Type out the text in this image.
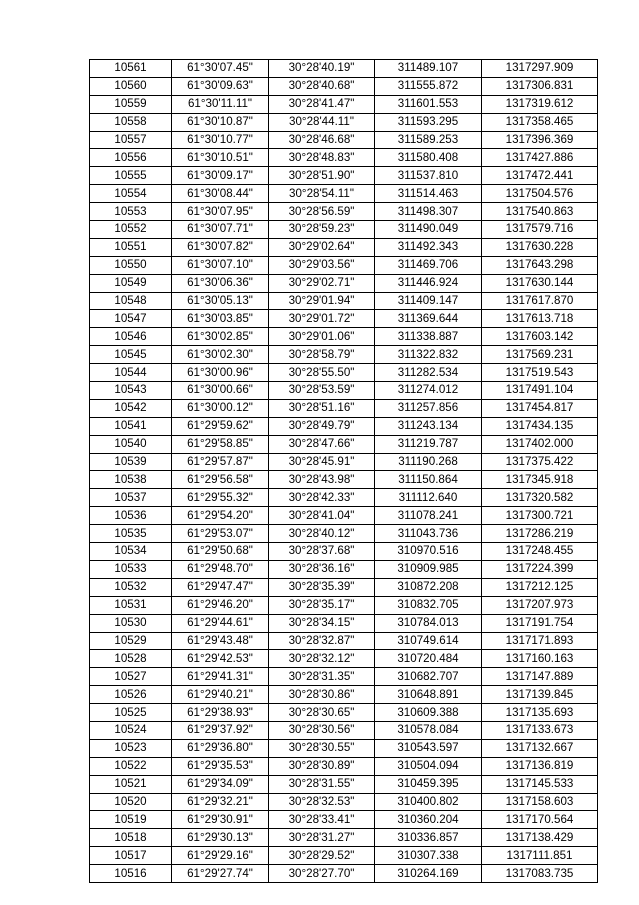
10561	61°30'07.45"	30°28'40.19"	311489.107	1317297.909
10560	61°30'09.63"	30°28'40.68"	311555.872	1317306.831
10559	61°30'11.11"	30°28'41.47"	311601.553	1317319.612
10558	61°30'10.87"	30°28'44.11"	311593.295	1317358.465
10557	61°30'10.77"	30°28'46.68"	311589.253	1317396.369
10556	61°30'10.51"	30°28'48.83"	311580.408	1317427.886
10555	61°30'09.17"	30°28'51.90"	311537.810	1317472.441
10554	61°30'08.44"	30°28'54.11"	311514.463	1317504.576
10553	61°30'07.95"	30°28'56.59"	311498.307	1317540.863
10552	61°30'07.71"	30°28'59.23"	311490.049	1317579.716
10551	61°30'07.82"	30°29'02.64"	311492.343	1317630.228
10550	61°30'07.10"	30°29'03.56"	311469.706	1317643.298
10549	61°30'06.36"	30°29'02.71"	311446.924	1317630.144
10548	61°30'05.13"	30°29'01.94"	311409.147	1317617.870
10547	61°30'03.85"	30°29'01.72"	311369.644	1317613.718
10546	61°30'02.85"	30°29'01.06"	311338.887	1317603.142
10545	61°30'02.30"	30°28'58.79"	311322.832	1317569.231
10544	61°30'00.96"	30°28'55.50"	311282.534	1317519.543
10543	61°30'00.66"	30°28'53.59"	311274.012	1317491.104
10542	61°30'00.12"	30°28'51.16"	311257.856	1317454.817
10541	61°29'59.62"	30°28'49.79"	311243.134	1317434.135
10540	61°29'58.85"	30°28'47.66"	311219.787	1317402.000
10539	61°29'57.87"	30°28'45.91"	311190.268	1317375.422
10538	61°29'56.58"	30°28'43.98"	311150.864	1317345.918
10537	61°29'55.32"	30°28'42.33"	311112.640	1317320.582
10536	61°29'54.20"	30°28'41.04"	311078.241	1317300.721
10535	61°29'53.07"	30°28'40.12"	311043.736	1317286.219
10534	61°29'50.68"	30°28'37.68"	310970.516	1317248.455
10533	61°29'48.70"	30°28'36.16"	310909.985	1317224.399
10532	61°29'47.47"	30°28'35.39"	310872.208	1317212.125
10531	61°29'46.20"	30°28'35.17"	310832.705	1317207.973
10530	61°29'44.61"	30°28'34.15"	310784.013	1317191.754
10529	61°29'43.48"	30°28'32.87"	310749.614	1317171.893
10528	61°29'42.53"	30°28'32.12"	310720.484	1317160.163
10527	61°29'41.31"	30°28'31.35"	310682.707	1317147.889
10526	61°29'40.21"	30°28'30.86"	310648.891	1317139.845
10525	61°29'38.93"	30°28'30.65"	310609.388	1317135.693
10524	61°29'37.92"	30°28'30.56"	310578.084	1317133.673
10523	61°29'36.80"	30°28'30.55"	310543.597	1317132.667
10522	61°29'35.53"	30°28'30.89"	310504.094	1317136.819
10521	61°29'34.09"	30°28'31.55"	310459.395	1317145.533
10520	61°29'32.21"	30°28'32.53"	310400.802	1317158.603
10519	61°29'30.91"	30°28'33.41"	310360.204	1317170.564
10518	61°29'30.13"	30°28'31.27"	310336.857	1317138.429
10517	61°29'29.16"	30°28'29.52"	310307.338	1317111.851
10516	61°29'27.74"	30°28'27.70"	310264.169	1317083.735
